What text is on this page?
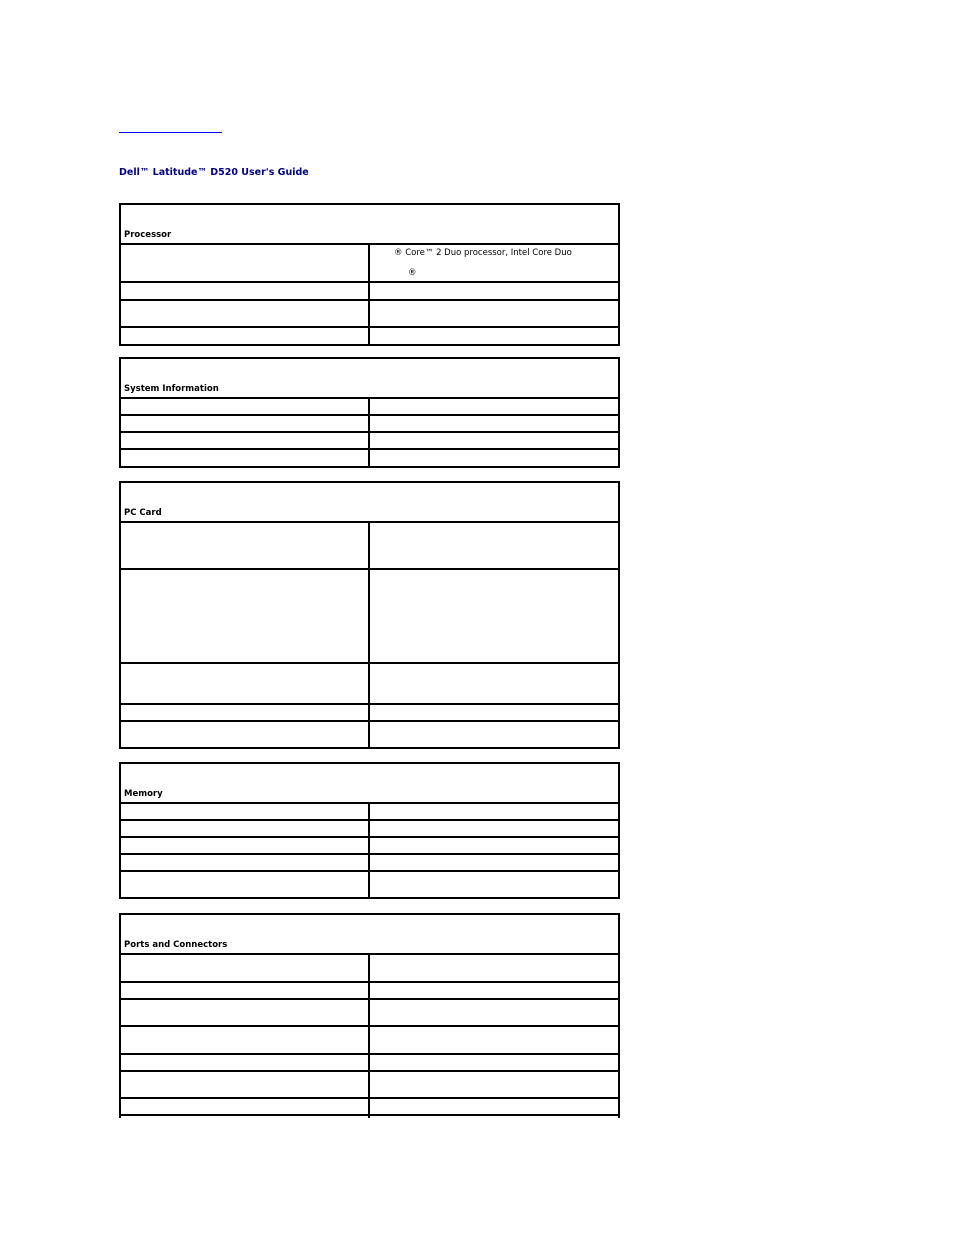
Dell™ Latitude™ D520 User's Guide
Processor
® Core™ 2 Duo processor, Intel Core Duo
®
System Information
PC Card
Memory
Ports and Connectors
